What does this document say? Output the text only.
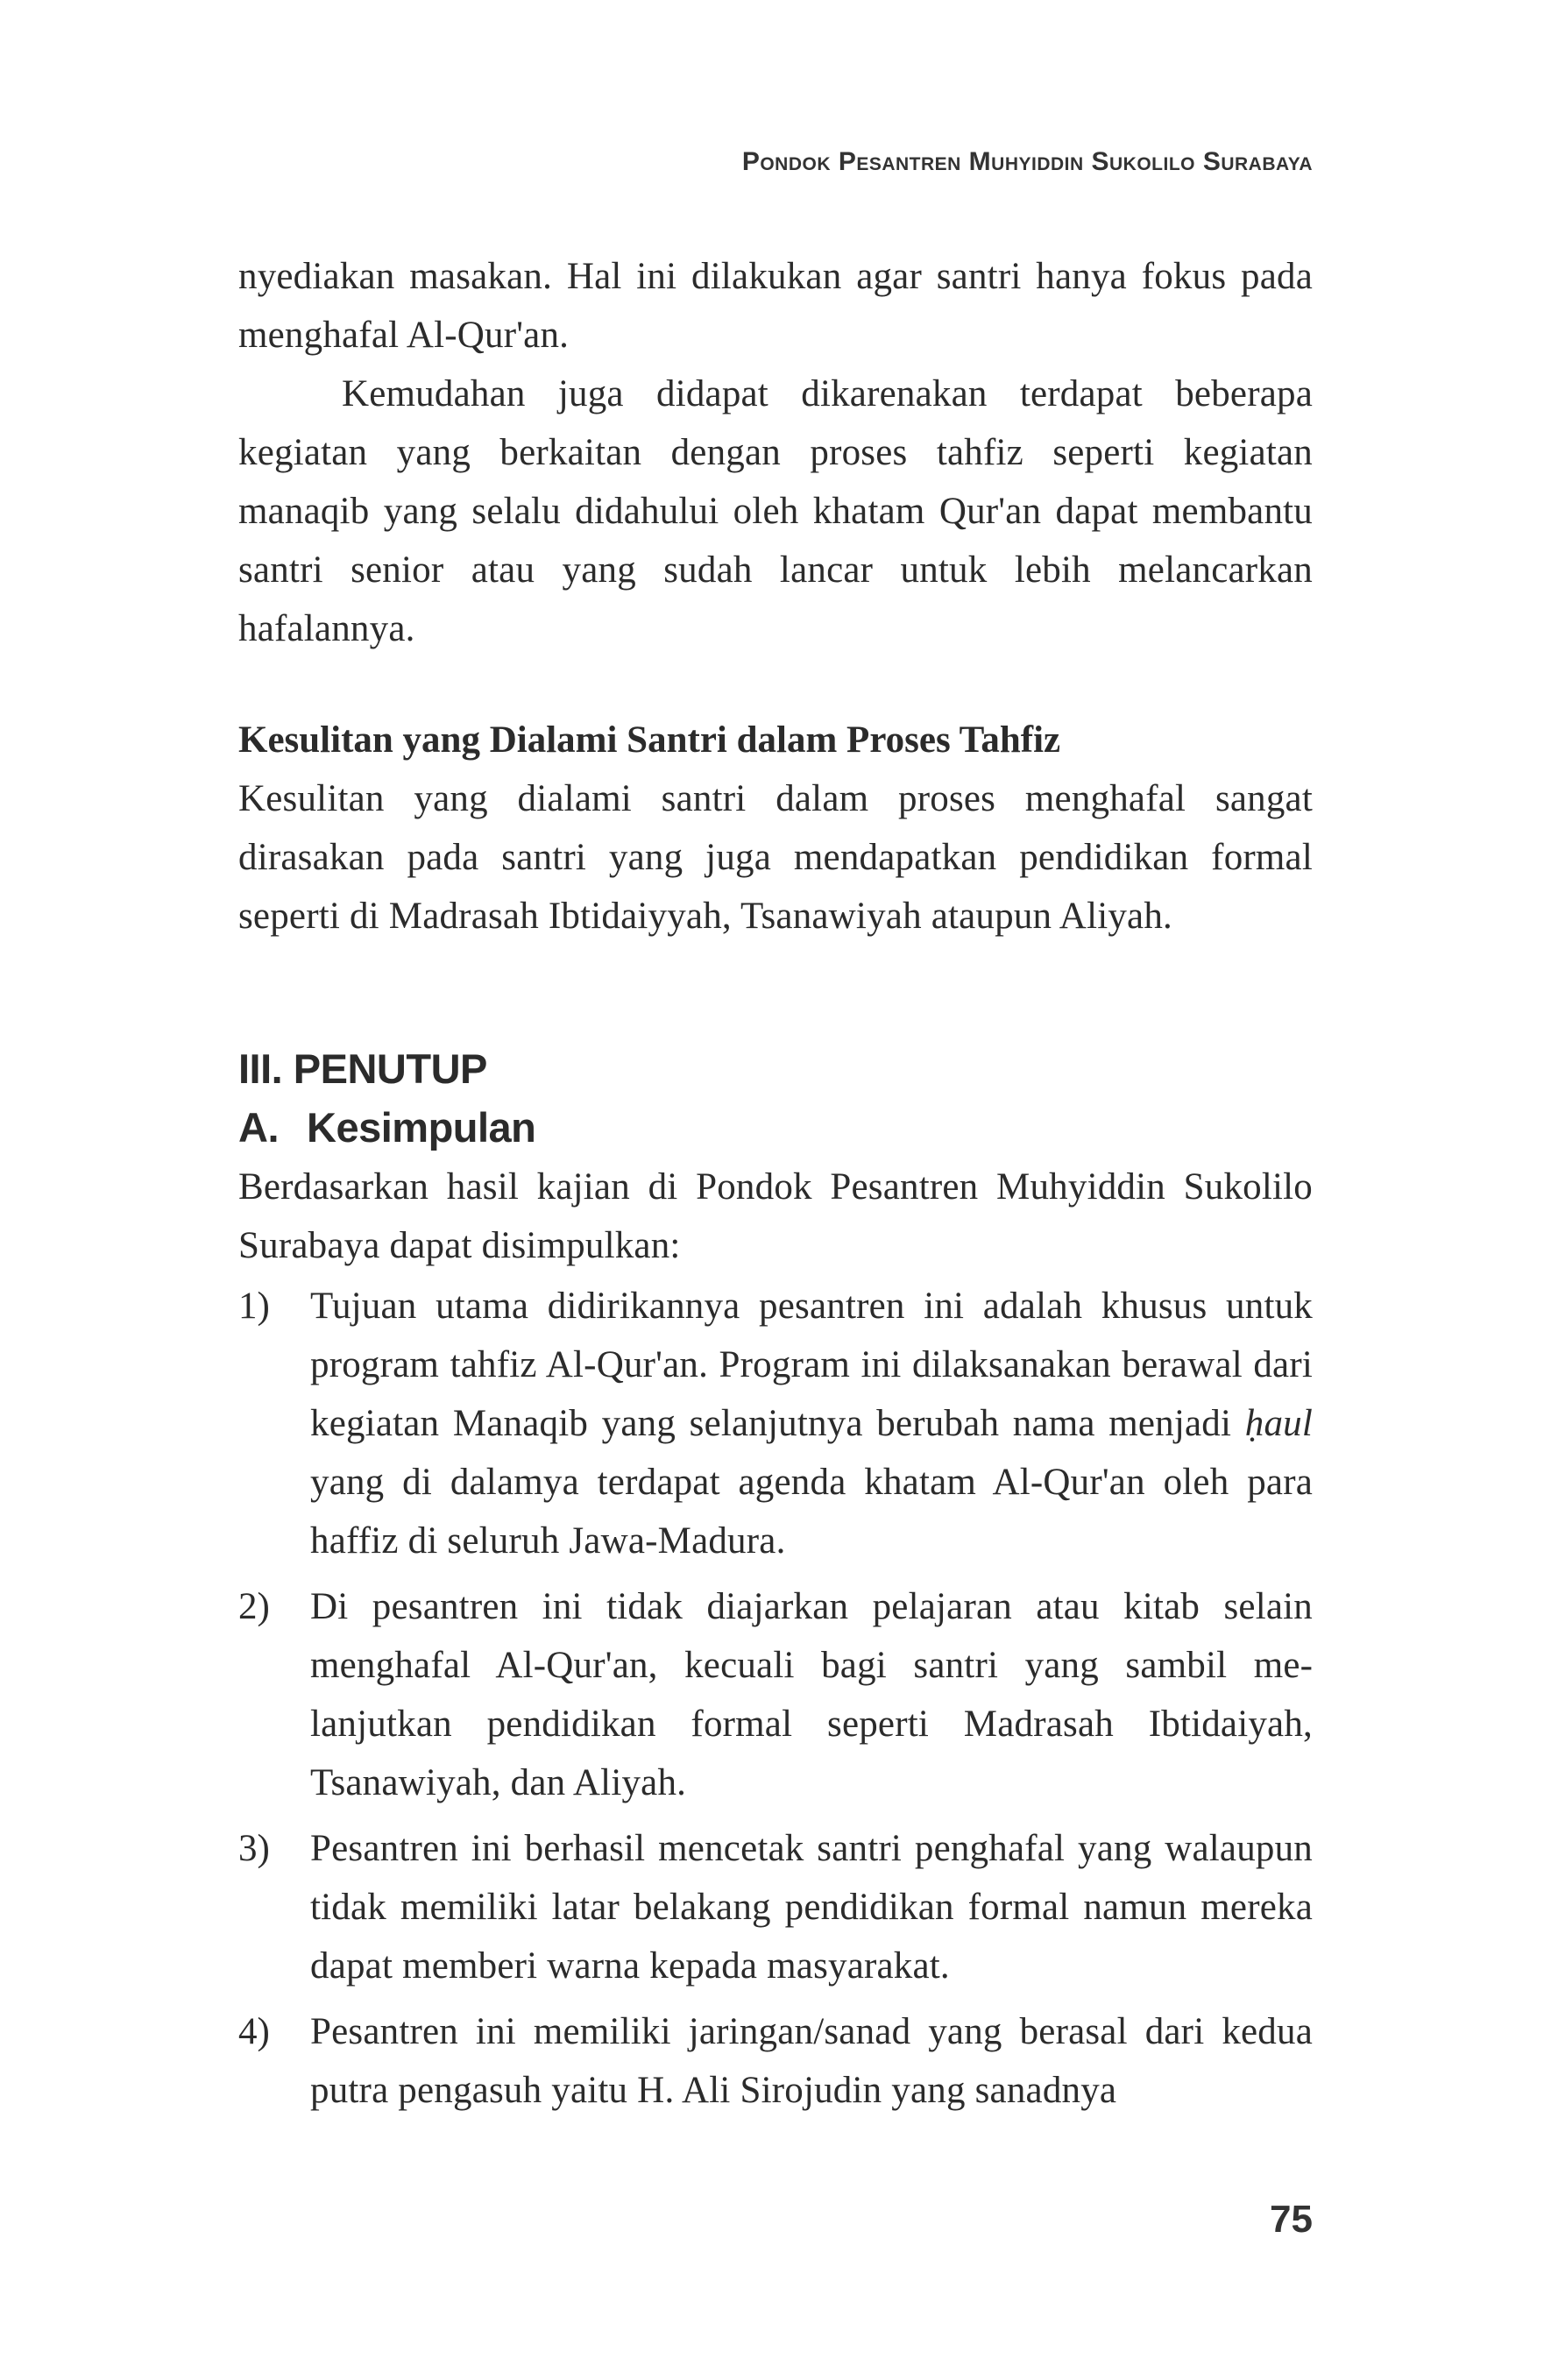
Pondok Pesantren Muhyiddin Sukolilo Surabaya

nyediakan masakan. Hal ini dilakukan agar santri hanya fokus pada menghafal Al-Qur'an.

Kemudahan juga didapat dikarenakan terdapat beberapa kegiatan yang berkaitan dengan proses tahfiz seperti kegiatan manaqib yang selalu didahului oleh khatam Qur'an dapat membantu santri senior atau yang sudah lancar untuk lebih melancarkan hafalannya.

Kesulitan yang Dialami Santri dalam Proses Tahfiz

Kesulitan yang dialami santri dalam proses menghafal sangat dirasakan pada santri yang juga mendapatkan pendidikan formal seperti di Madrasah Ibtidaiyyah, Tsanawiyah ataupun Aliyah.

III. PENUTUP
A. Kesimpulan

Berdasarkan hasil kajian di Pondok Pesantren Muhyiddin Sukolilo Surabaya dapat disimpulkan:

1) Tujuan utama didirikannya pesantren ini adalah khusus untuk program tahfiz Al-Qur'an. Program ini dilaksanakan berawal dari kegiatan Manaqib yang selanjutnya berubah nama menjadi ḥaul yang di dalamya terdapat agenda khatam Al-Qur'an oleh para haffiz di seluruh Jawa-Madura.

2) Di pesantren ini tidak diajarkan pelajaran atau kitab selain menghafal Al-Qur'an, kecuali bagi santri yang sambil melanjutkan pendidikan formal seperti Madrasah Ibtidaiyah, Tsanawiyah, dan Aliyah.

3) Pesantren ini berhasil mencetak santri penghafal yang walaupun tidak memiliki latar belakang pendidikan formal namun mereka dapat memberi warna kepada masyarakat.

4) Pesantren ini memiliki jaringan/sanad yang berasal dari kedua putra pengasuh yaitu H. Ali Sirojudin yang sanadnya

75
